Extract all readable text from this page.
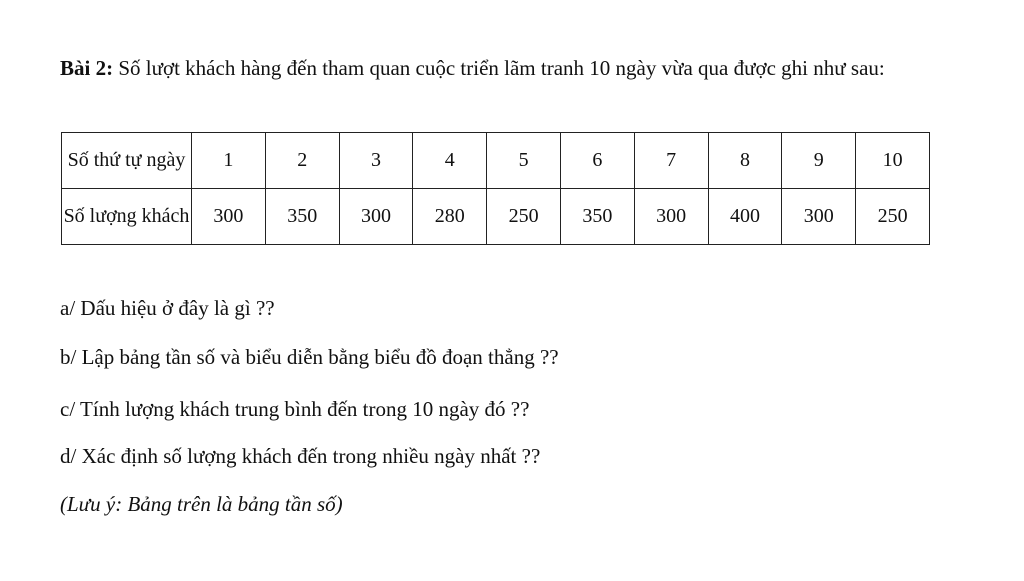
Bài 2: Số lượt khách hàng đến tham quan cuộc triển lãm tranh 10 ngày vừa qua được ghi như sau:
Số thứ tự ngày	1	2	3	4	5	6	7	8	9	10
Số lượng khách	300	350	300	280	250	350	300	400	300	250
a/ Dấu hiệu ở đây là gì ??
b/ Lập bảng tần số và biểu diễn bằng biểu đồ đoạn thẳng ??
c/ Tính lượng khách trung bình đến trong 10 ngày đó ??
d/ Xác định số lượng khách đến trong nhiều ngày nhất ??
(Lưu ý: Bảng trên là bảng tần số)
